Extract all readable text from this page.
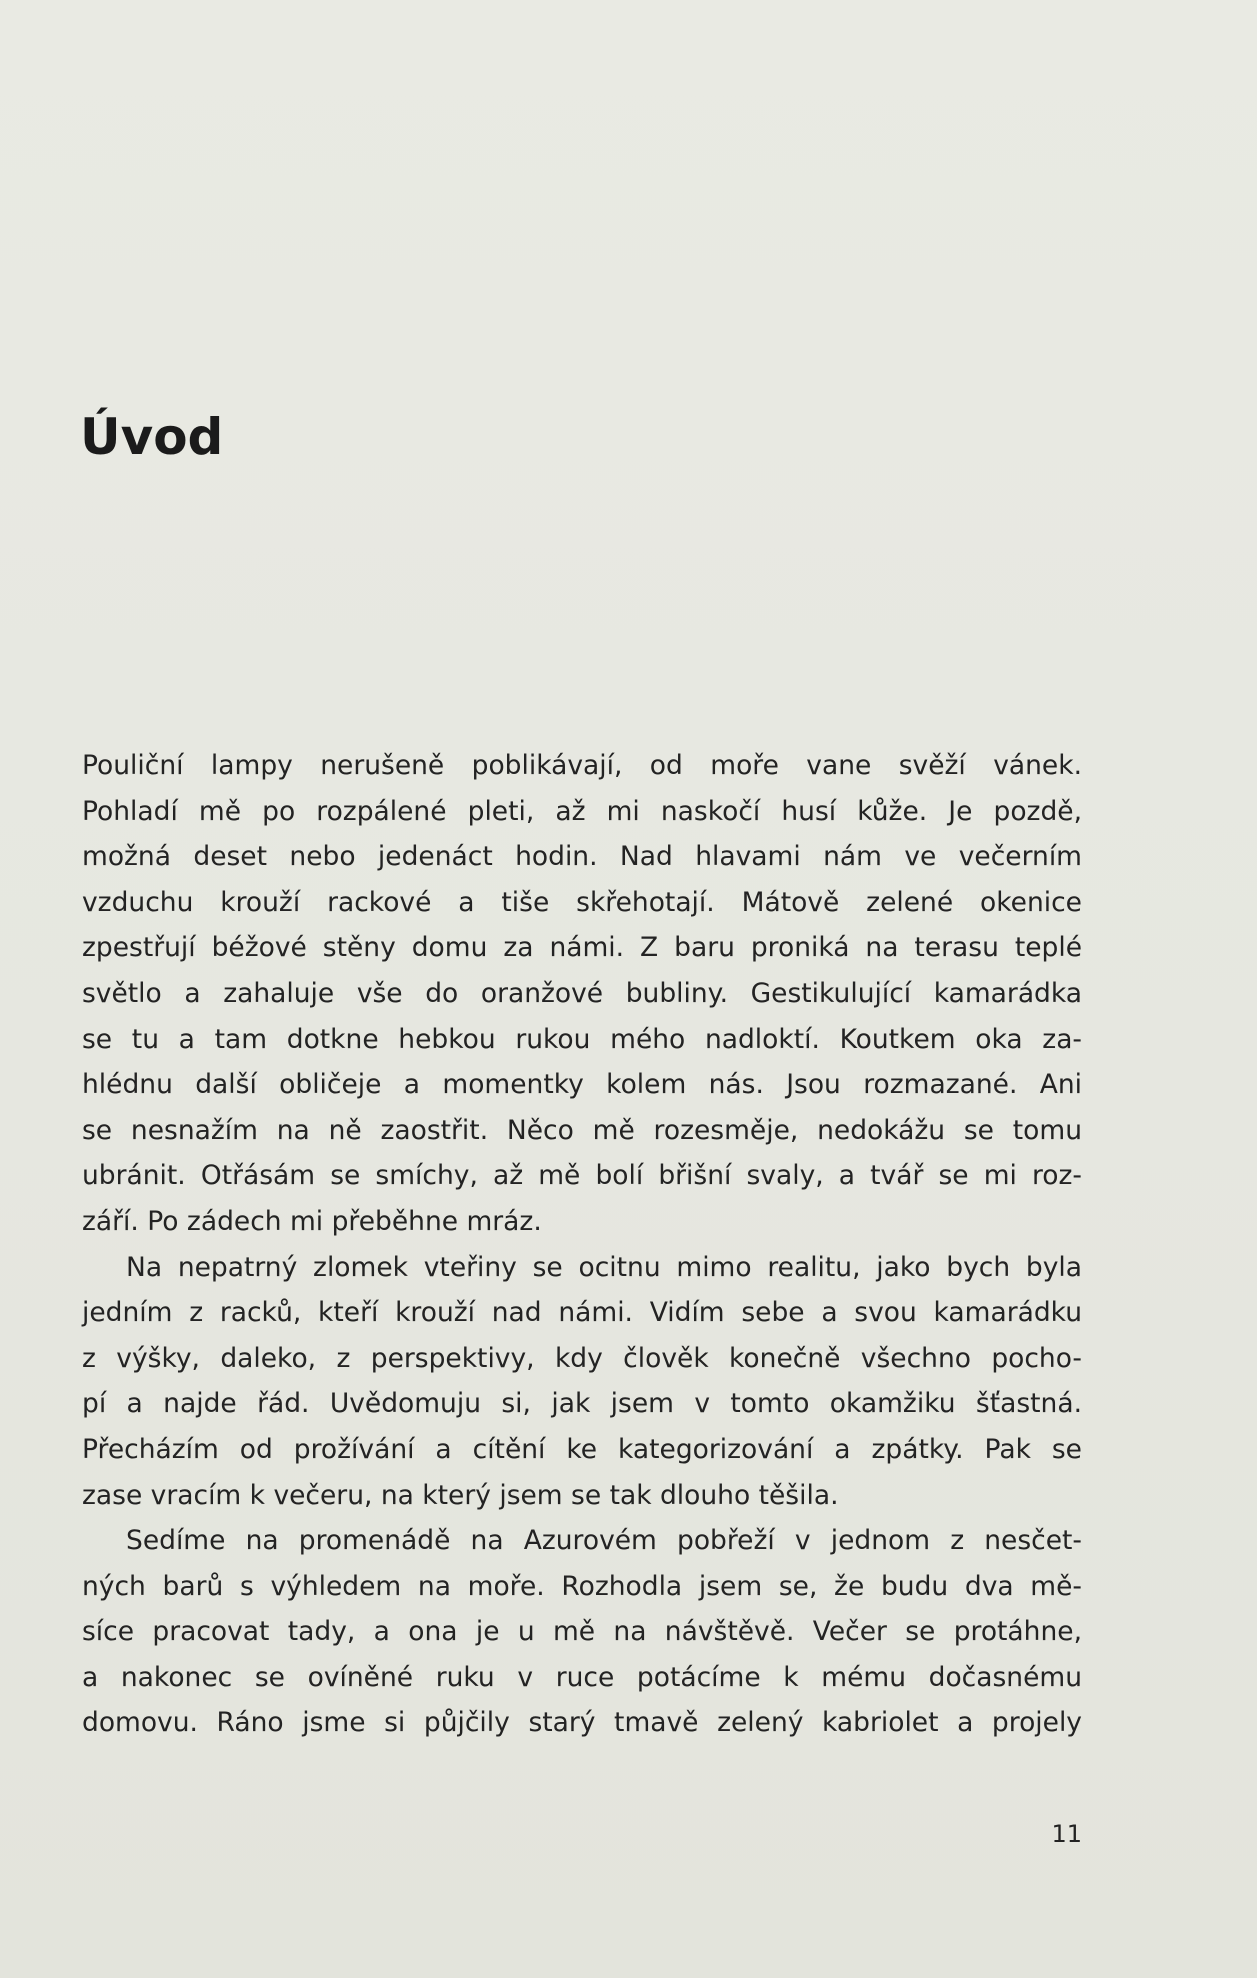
Úvod
Pouliční lampy nerušeně poblikávají, od moře vane svěží vánek.
Pohladí mě po rozpálené pleti, až mi naskočí husí kůže. Je pozdě,
možná deset nebo jedenáct hodin. Nad hlavami nám ve večerním
vzduchu krouží rackové a tiše skřehotají. Mátově zelené okenice
zpestřují béžové stěny domu za námi. Z baru proniká na terasu teplé
světlo a zahaluje vše do oranžové bubliny. Gestikulující kamarádka
se tu a tam dotkne hebkou rukou mého nadloktí. Koutkem oka za-
hlédnu další obličeje a momentky kolem nás. Jsou rozmazané. Ani
se nesnažím na ně zaostřit. Něco mě rozesměje, nedokážu se tomu
ubránit. Otřásám se smíchy, až mě bolí břišní svaly, a tvář se mi roz-
září. Po zádech mi přeběhne mráz.
Na nepatrný zlomek vteřiny se ocitnu mimo realitu, jako bych byla
jedním z racků, kteří krouží nad námi. Vidím sebe a svou kamarádku
z výšky, daleko, z perspektivy, kdy člověk konečně všechno pocho-
pí a najde řád. Uvědomuju si, jak jsem v tomto okamžiku šťastná.
Přecházím od prožívání a cítění ke kategorizování a zpátky. Pak se
zase vracím k večeru, na který jsem se tak dlouho těšila.
Sedíme na promenádě na Azurovém pobřeží v jednom z nesčet-
ných barů s výhledem na moře. Rozhodla jsem se, že budu dva mě-
síce pracovat tady, a ona je u mě na návštěvě. Večer se protáhne,
a nakonec se ovíněné ruku v ruce potácíme k mému dočasnému
domovu. Ráno jsme si půjčily starý tmavě zelený kabriolet a projely
11
